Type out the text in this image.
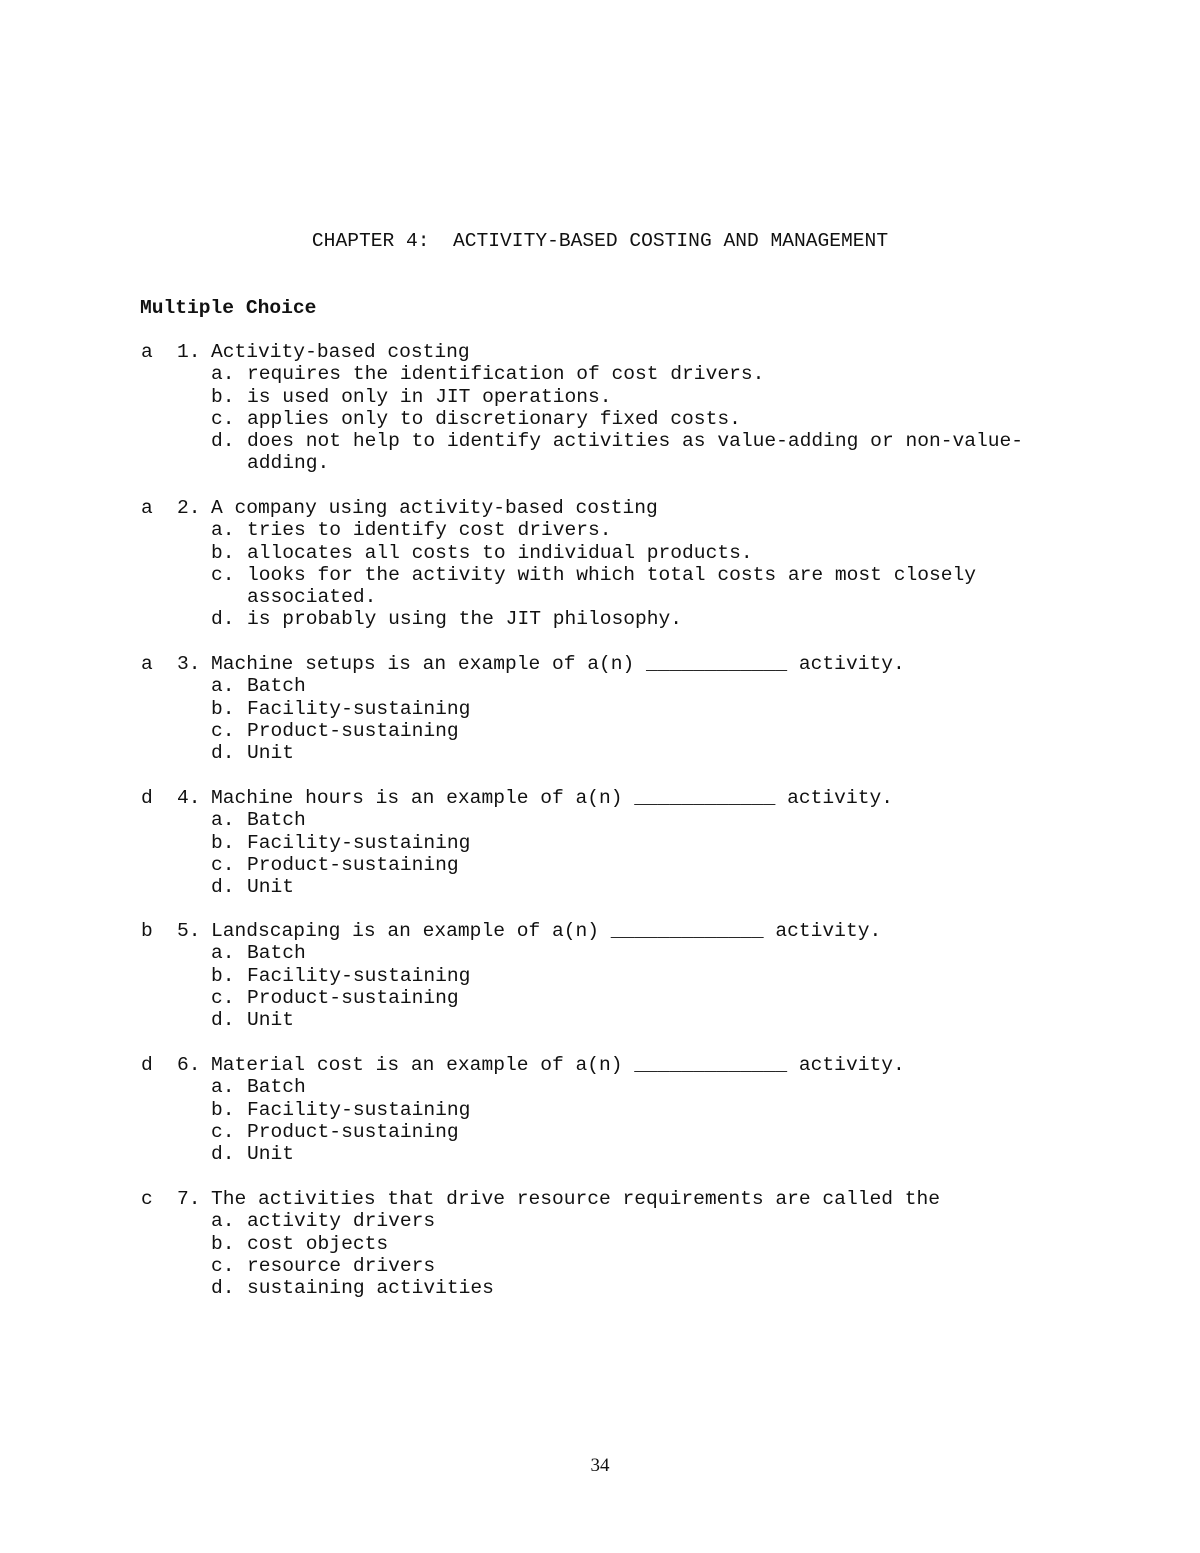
CHAPTER 4:  ACTIVITY-BASED COSTING AND MANAGEMENT
Multiple Choice
a 1. Activity-based costing
a. requires the identification of cost drivers.
b. is used only in JIT operations.
c. applies only to discretionary fixed costs.
d. does not help to identify activities as value-adding or non-value-
adding.
a 2. A company using activity-based costing
a. tries to identify cost drivers.
b. allocates all costs to individual products.
c. looks for the activity with which total costs are most closely
associated.
d. is probably using the JIT philosophy.
a 3. Machine setups is an example of a(n) ____________ activity.
a. Batch
b. Facility-sustaining
c. Product-sustaining
d. Unit
d 4. Machine hours is an example of a(n) ____________ activity.
a. Batch
b. Facility-sustaining
c. Product-sustaining
d. Unit
b 5. Landscaping is an example of a(n) _____________ activity.
a. Batch
b. Facility-sustaining
c. Product-sustaining
d. Unit
d 6. Material cost is an example of a(n) _____________ activity.
a. Batch
b. Facility-sustaining
c. Product-sustaining
d. Unit
c 7. The activities that drive resource requirements are called the
a. activity drivers
b. cost objects
c. resource drivers
d. sustaining activities
34
